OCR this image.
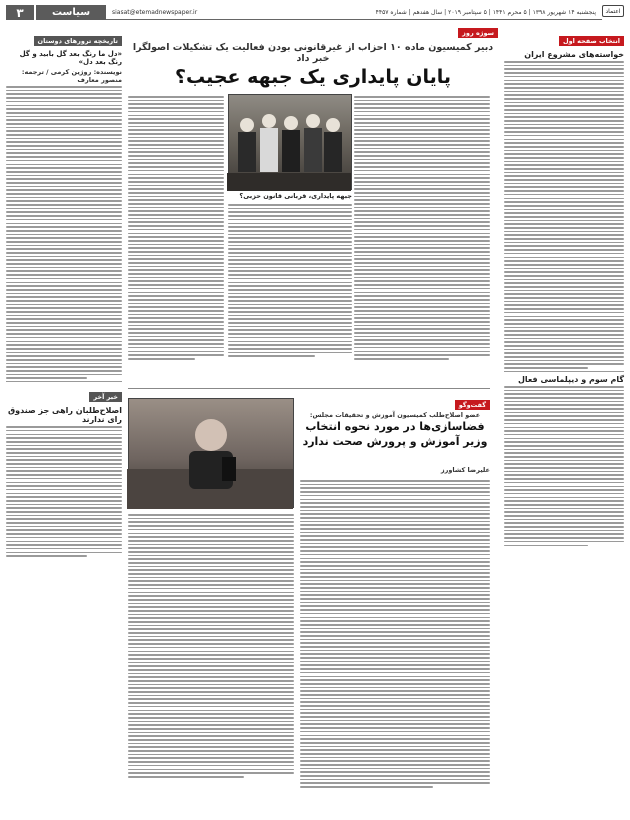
۳	سیاست	siasat@etemadnewspaper.ir	پنجشنبه ۱۴ شهریور ۱۳۹۸ | ۵ محرم ۱۴۴۱ | ۵ سپتامبر ۲۰۱۹ | سال هفدهم | شماره ۴۴۵۷	اعتماد
انتخاب صفحه اول
خواسته‌های مشروع ایران
گام سوم و دیپلماسی فعال
تاریخچه ترورهای دوستان
«دل ما رنگ بعد گل بابید و گل رنگ بعد دل»
نویسنده: روژین کرمی / ترجمه: منصور معارف
خبر آخر
اصلاح‌طلبان راهی جز صندوق رای ندارند
سوژه روز
دبیر کمیسیون ماده ۱۰ احزاب از غیرقانونی بودن فعالیت یک تشکیلات اصولگرا خبر داد
پایان پایداری یک جبهه عجیب؟
جبهه پایداری، قربانی قانون حزبی؟
گفت‌وگو
عضو اصلاح‌طلب کمیسیون آموزش و تحقیقات مجلس:
فضاسازی‌ها در مورد نحوه انتخاب
وزیر آموزش و پرورش صحت ندارد
علیرضا کشاورز
